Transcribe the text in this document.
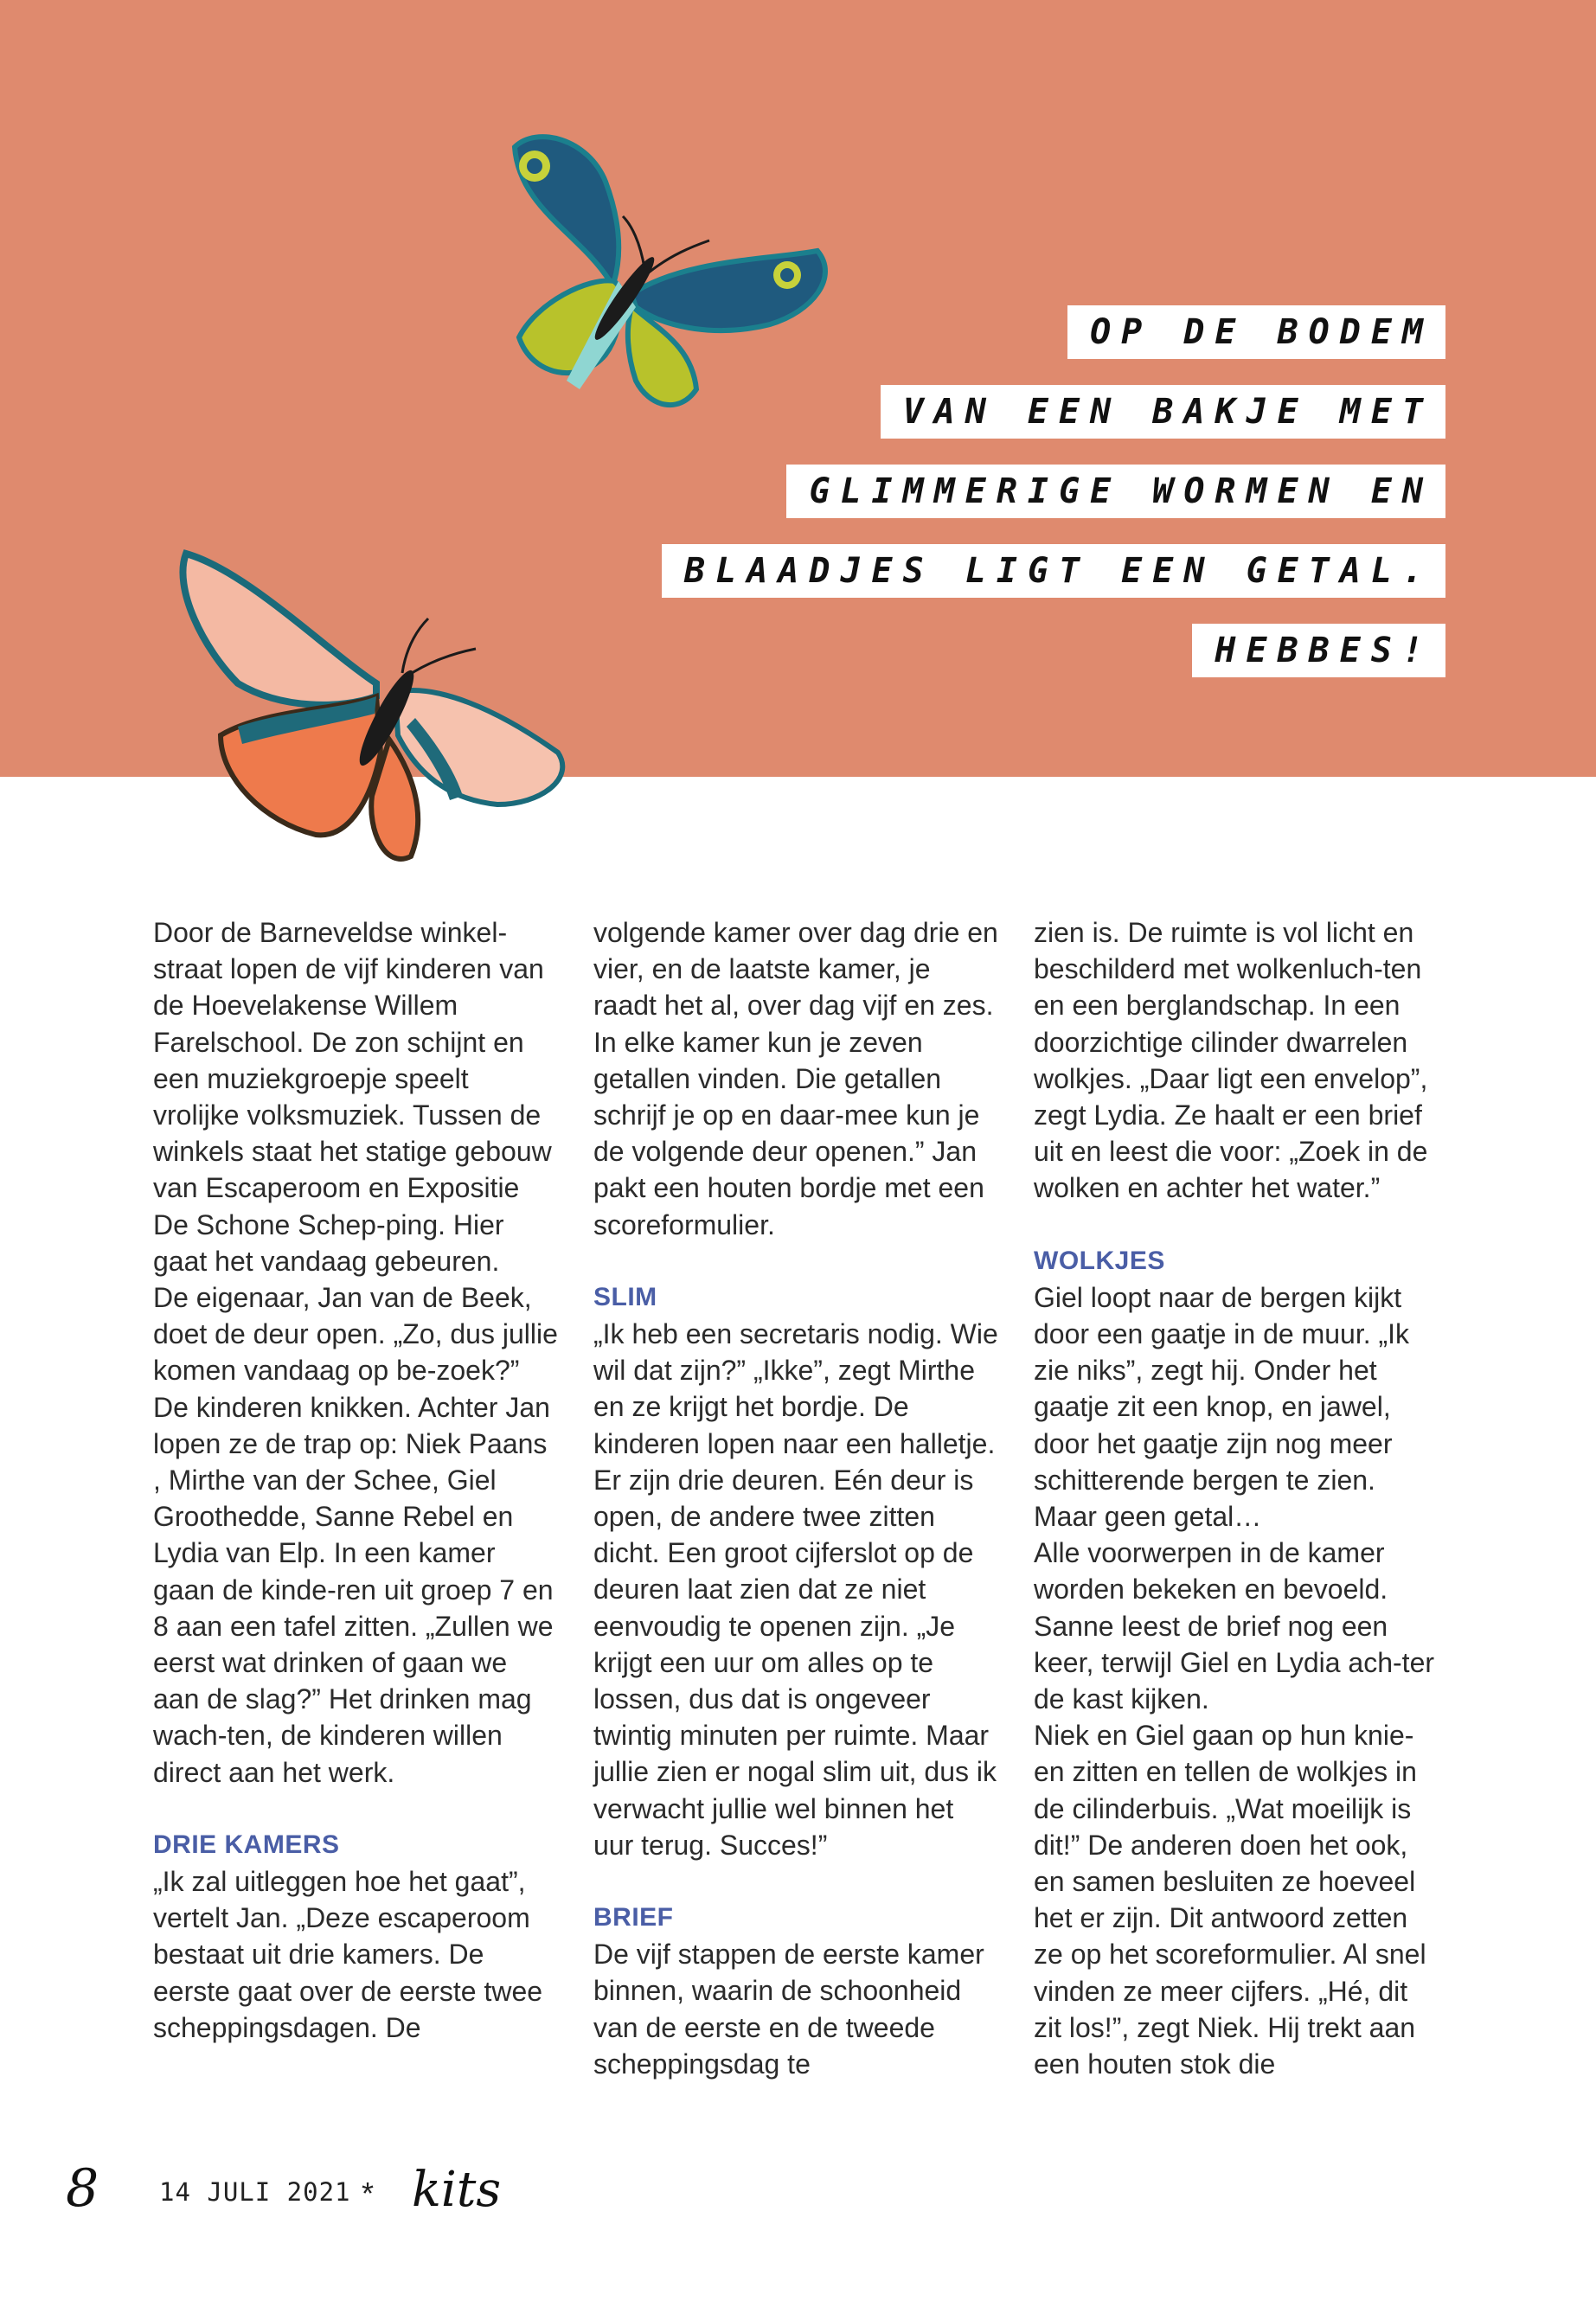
OP DE BODEM
VAN EEN BAKJE MET
GLIMMERIGE WORMEN EN
BLAADJES LIGT EEN GETAL.
HEBBES!

Door de Barneveldse winkel-straat lopen de vijf kinderen van de Hoevelakense Willem Farelschool. De zon schijnt en een muziekgroepje speelt vrolijke volksmuziek. Tussen de winkels staat het statige gebouw van Escaperoom en Expositie De Schone Schep-ping. Hier gaat het vandaag gebeuren.

De eigenaar, Jan van de Beek, doet de deur open. „Zo, dus jullie komen vandaag op be-zoek?” De kinderen knikken. Achter Jan lopen ze de trap op: Niek Paans , Mirthe van der Schee, Giel Groothedde, Sanne Rebel en Lydia van Elp. In een kamer gaan de kinde-ren uit groep 7 en 8 aan een tafel zitten. „Zullen we eerst wat drinken of gaan we aan de slag?” Het drinken mag wach-ten, de kinderen willen direct aan het werk.

DRIE KAMERS

„Ik zal uitleggen hoe het gaat”, vertelt Jan. „Deze escaperoom bestaat uit drie kamers. De eerste gaat over de eerste twee scheppingsdagen. De

volgende kamer over dag drie en vier, en de laatste kamer, je raadt het al, over dag vijf en zes. In elke kamer kun je zeven getallen vinden. Die getallen schrijf je op en daar-mee kun je de volgende deur openen.” Jan pakt een houten bordje met een scoreformulier.

SLIM

„Ik heb een secretaris nodig. Wie wil dat zijn?” „Ikke”, zegt Mirthe en ze krijgt het bordje. De kinderen lopen naar een halletje. Er zijn drie deuren. Eén deur is open, de andere twee zitten dicht. Een groot cijferslot op de deuren laat zien dat ze niet eenvoudig te openen zijn. „Je krijgt een uur om alles op te lossen, dus dat is ongeveer twintig minuten per ruimte. Maar jullie zien er nogal slim uit, dus ik verwacht jullie wel binnen het uur terug. Succes!”

BRIEF

De vijf stappen de eerste kamer binnen, waarin de schoonheid van de eerste en de tweede scheppingsdag te

zien is. De ruimte is vol licht en beschilderd met wolkenluch-ten en een berglandschap. In een doorzichtige cilinder dwarrelen wolkjes. „Daar ligt een envelop”, zegt Lydia. Ze haalt er een brief uit en leest die voor: „Zoek in de wolken en achter het water.”

WOLKJES

Giel loopt naar de bergen kijkt door een gaatje in de muur. „Ik zie niks”, zegt hij. Onder het gaatje zit een knop, en jawel, door het gaatje zijn nog meer schitterende bergen te zien. Maar geen getal…

Alle voorwerpen in de kamer worden bekeken en bevoeld. Sanne leest de brief nog een keer, terwijl Giel en Lydia ach-ter de kast kijken.

Niek en Giel gaan op hun knie-en zitten en tellen de wolkjes in de cilinderbuis. „Wat moeilijk is dit!” De anderen doen het ook, en samen besluiten ze hoeveel het er zijn. Dit antwoord zetten ze op het scoreformulier. Al snel vinden ze meer cijfers. „Hé, dit zit los!”, zegt Niek. Hij trekt aan een houten stok die

8 14 JULI 2021 * kits
